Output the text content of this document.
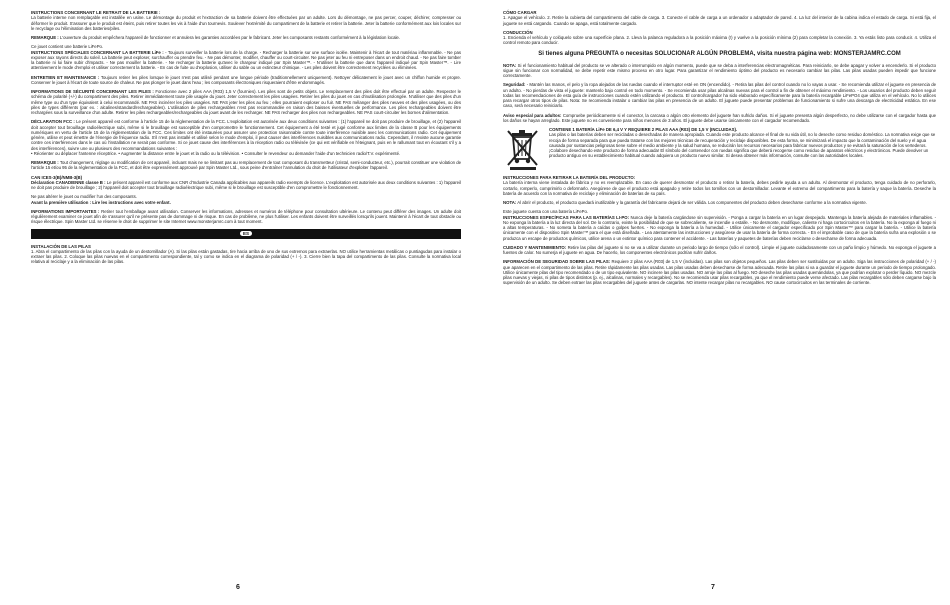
INSTRUCTIONS CONCERNANT LE RETRAIT DE LA BATTERIE :
La batterie interne non remplaçable est installée en usine. Le démontage du produit et l'extraction de sa batterie doivent être effectuées par un adulte. Lors du démontage, ne pas percer, couper, déchirer, compresser ou déformer le produit. S'assurer que le produit est éteint, puis retirer toutes les vis à l'aide d'un tournevis. Soulever l'extrémité du compartiment de la batterie et retirer la batterie. Jeter la batterie conformément aux lois locales sur le recyclage ou l'élimination des batteries/piles.

REMARQUE : L'ouverture du produit empêchera l'appareil de fonctionner et annulera les garanties accordées par le fabricant. Jeter les composants restants conformément à la législation locale.

Ce jouet contient une batterie LiFePo.
INSTRUCTIONS SPÉCIALES CONCERNANT LA BATTERIE LiFe : - Toujours surveiller la batterie lors de la charge. - Recharger la batterie sur une surface isolée. Maintenir à l'écart de tout matériau inflammable. - Ne pas exposer aux rayons directs du soleil. La batterie peut exploser, surchauffer ou prendre feu. - Ne pas démonter, modifier, chauffer ou court-circuiter. Ne pas jeter au feu ni entreposer dans un endroit chaud. - Ne pas faire tomber la batterie ni lui faire subir d'impacts. - Ne pas mouiller la batterie. - Ne recharger la batterie qu'avec le chargeur indiqué par Spin Master™. - N'utiliser la batterie que dans l'appareil indiqué par Spin Master™. - Lire attentivement le mode d'emploi et utiliser correctement la batterie. - En cas de fuite ou d'explosion, utiliser du sable ou un extincteur chimique. - Les piles doivent être correctement recyclées ou éliminées.

ENTRETIEN ET MAINTENANCE : Toujours retirer les piles lorsque le jouet n'est pas utilisé pendant une longue période (traditionnellement uniquement). Nettoyer délicatement le jouet avec un chiffon humide et propre. Conserver le jouet à l'écart de toute source de chaleur. Ne pas plonger le jouet dans l'eau ; les composants électroniques risqueraient d'être endommagés.

INFORMATIONS DE SÉCURITÉ CONCERNANT LES PILES : Fonctionne avec 2 piles AAA (R03) 1,5 V (fournies). Les piles sont de petits objets. Le remplacement des piles doit être effectué par un adulte. Respecter le schéma de polarité (+/-) du compartiment des piles. Retirer immédiatement toute pile usagée du jouet. Jeter correctement les piles usagées. Retirer les piles du jouet en cas d'inutilisation prolongée. N'utiliser que des piles d'un même type ou d'un type équivalent à celui recommandé. NE PAS incinérer les piles usagées. NE PAS jeter les piles au feu ; elles pourraient exploser ou fuir. NE PAS mélanger des piles neuves et des piles usagées, ou des piles de types différents (par ex. : alcalines/standard/rechargeables). L'utilisation de piles rechargeables n'est pas recommandée en raison des baisses éventuelles de performance. Les piles rechargeables doivent être rechargées sous la surveillance d'un adulte. Retirer les piles rechargeables/rechargeables du jouet avant de les recharger. NE PAS recharger des piles non rechargeables. NE PAS court-circuiter les bornes d'alimentation.

DÉCLARATION FCC : Le présent appareil est conforme à l'article 15 de la réglementation de la FCC. L'exploitation est autorisée aux deux conditions suivantes : (1) l'appareil ne doit pas produire de brouillage, et (2) l'appareil doit accepter tout brouillage radioélectrique subi, même si le brouillage est susceptible d'en compromettre le fonctionnement. Cet équipement a été testé et jugé conforme aux limites de la classe B pour les équipements numériques en vertu de l'article 15 de la réglementation de la FCC. Ces limites ont été instaurées pour assurer une protection raisonnable contre toute interférence nuisible avec les communications radio. Cet équipement génère, utilise et peut émettre de l'énergie de fréquence radio. S'il n'est pas installé et utilisé selon le mode d'emploi, il peut causer des interférences nuisibles aux communications radio. Cependant, il n'existe aucune garantie contre ces interférences dans le cas où l'installation ne serait pas conforme. Si ce jouet cause des interférences à la réception radio ou télévisée (ce qui est vérifiable en l'éteignant, puis en le rallumant tout en écoutant s'il y a des interférences), suivre une ou plusieurs des recommandations suivantes :
• Réorienter ou déplacer l'antenne réceptrice. • Augmenter la distance entre le jouet et la radio ou la télévision. • Consulter le revendeur ou demander l'aide d'un technicien radio/T.V. expérimenté.

REMARQUE : Tout changement, réglage ou modification de cet appareil, incluant mais ne se limitant pas au remplacement de tout composant du transmetteur (cristal, semi-conducteur, etc.), pourrait constituer une violation de l'article 15 et/ou 95 de la réglementation de la FCC, et doit être expressément approuvé par Spin Master Ltd., sous peine d'entraîner l'annulation du droit de l'utilisateur d'exploiter l'appareil.

CAN ICES-3(B)/NMB-3(B)
Déclaration CANADIENNE classe B : Le présent appareil est conforme aux CNR d'Industrie Canada applicables aux appareils radio exempts de licence. L'exploitation est autorisée aux deux conditions suivantes : 1) l'appareil ne doit pas produire de brouillage ; 2) l'appareil doit accepter tout brouillage radioélectrique subi, même si le brouillage est susceptible d'en compromettre le fonctionnement.

Ne pas altérer le jouet ou modifier l'un des composants.
Avant la première utilisation : Lire les instructions avec votre enfant.

INFORMATIONS IMPORTANTES : Retirer tout l'emballage avant utilisation. Conserver les informations, adresses et numéros de téléphone pour consultation ultérieure. Le contenu peut différer des images. Un adulte doit régulièrement examiner ce jouet afin de s'assurer qu'il ne présente pas de dommage ni de risque. En cas de problème, ne plus l'utiliser. Les enfants doivent être surveillés lorsqu'ils jouent. Maintenir à l'écart de tout obstacle ou risque électrique. Spin Master Ltd. se réserve le droit de supprimer le site Internet www.monsterjamrc.com à tout moment.

ES

INSTALACIÓN DE LAS PILAS
1. Abra el compartimento de las pilas con la ayuda de un destornillador (A). Si las pilas están gastadas, tire hacia arriba de uno de sus extremos para extraerlas. NO utilice herramientas metálicas o puntiagudas para instalar o extraer las pilas. 2. Coloque las pilas nuevas en el compartimento correspondiente, tal y como se indica en el diagrama de polaridad (+ / -). 3. Cierre bien la tapa del compartimento de las pilas. Consulte la normativa local relativa al reciclaje y a la eliminación de las pilas.

CÓMO CARGAR
1. Apague el vehículo. 2. Retire la cubierta del compartimento del cable de carga. 3. Conecte el cable de carga a un ordenador o adaptador de pared. 4. La luz del interior de la cabina indica el estado de carga. Si está fija, el juguete se está cargando. Cuando se apaga, está totalmente cargado.

CONDUCCIÓN
1. Encienda el vehículo y colóquelo sobre una superficie plana. 2. Lleva la palanca reguladora a la posición máxima (!) y vuelve a la posición mínima (2) para completar la conexión. 3. Ya estás listo para conducir. 4. Utiliza el control remoto para conducir.

Si tienes alguna PREGUNTA o necesitas SOLUCIONAR ALGÚN PROBLEMA, visita nuestra página web: MONSTERJAMRC.COM

NOTA: Si el funcionamiento habitual del producto se ve alterado o interrumpido en algún momento, puede que se deba a interferencias electromagnéticas. Para reiniciarlo, se debe apagar y volver a encenderlo. Si el producto sigue sin funcionar con normalidad, se debe repetir este mismo proceso en otro lugar. Para garantizar el rendimiento óptimo del producto es necesario cambiar las pilas. Las pilas usadas pueden impedir que funcione correctamente.

Seguridad: - Mantén las manos, el pelo y la ropa alejados de las ruedas cuando el interruptor esté en ON (encendido). - Retira las pilas del control cuando no lo vayas a usar. - Se recomienda utilizar el juguete en presencia de un adulto. - No pierdas de vista el juguete: mantenlo bajo control en todo momento. - Se recomienda usar pilas alcalinas nuevas para el control a fin de obtener el máximo rendimiento. - Los usuarios del producto deben seguir todas las recomendaciones de esta guía de instrucciones cuando estén utilizando el producto. El control/cargador ha sido elaborado específicamente para la batería recargable LiFePO4 que utiliza en el vehículo. No lo utilices para recargar otros tipos de pilas. Nota: Se recomienda instalar o cambiar las pilas en presencia de un adulto. El juguete puede presentar problemas de funcionamiento si sufre una descarga de electricidad estática. En ese caso, será necesario reiniciarlo.

Aviso especial para adultos: Compruebe periódicamente si el conector, la carcasa o algún otro elemento del juguete han sufrido daños. Si el juguete presenta algún desperfecto, no debe utilizarse con el cargador hasta que los daños se hayan arreglado. Este juguete no es conveniente para niños menores de 3 años. El juguete debe usarse únicamente con el cargador recomendado.

CONTIENE 1 BATERÍA LiFe DE 6,4 V Y REQUIERE 2 PILAS AAA (R03) DE 1,5 V (INCLUIDAS).
Las pilas o las baterías deben ser recicladas o desechadas de manera apropiada. Cuando este producto alcance el final de su vida útil, no lo deseche como residuo doméstico. La normativa exige que se recoja de forma separada para que pueda tratarse con las mejores técnicas de recuperación y reciclaje disponibles. De esta forma, se minimizará el impacto que la contaminación del suelo y el agua causada por sustancias peligrosas tiene sobre el medio ambiente y la salud humana, se reducirán los recursos necesarios para fabricar nuevos productos y se evitará la saturación de los vertederos. ¡Colabore desechando este producto de forma adecuada! El símbolo del contenedor con ruedas significa que deberá recogerse como residuo de aparatos eléctricos y electrónicos. Puede devolver un producto antiguo en su establecimiento habitual cuando adquiera un producto nuevo similar. Si desea obtener más información, consulte con las autoridades locales.

INSTRUCCIONES PARA RETIRAR LA BATERÍA DEL PRODUCTO:
La batería interna viene instalada de fábrica y no es reemplazable. En caso de querer desmontar el producto o retirar la batería, debes pedirle ayuda a un adulto. Al desmontar el producto, tenga cuidado de no perforarlo, cortarlo, romperlo, comprimirlo o deformarlo. Asegúrese de que el producto está apagado y retire todos los tornillos con un destornillador. Levante el extremo del compartimento para la batería y saque la batería. Deseche la batería de acuerdo con la normativa de reciclaje y eliminación de baterías de su país.

NOTA: Al abrir el producto, el producto quedará inutilizable y la garantía del fabricante dejará de ser válida. Los componentes del producto deben desecharse conforme a la normativa vigente.

Este juguete cuenta con una batería LiFePo.
INSTRUCCIONES ESPECÍFICAS PARA LAS BATERÍAS LI-PO: Nunca deje la batería cargándose sin supervisión. - Ponga a cargar la batería en un lugar despejado. Mantenga la batería alejada de materiales inflamables. - No exponga la batería a la luz directa del sol. De lo contrario, existe la posibilidad de que se sobrecaliente, se incendie o estalle. - No desmonte, modifique, caliente ni haga cortocircuitos en la batería. No la exponga al fuego ni a altas temperaturas. - No someta la batería a caídas o golpes fuertes. - No exponga la batería a la humedad. - Utilice únicamente el cargador especificado por Spin Master™ para cargar la batería. - Utilice la batería únicamente con el dispositivo Spin Master™ para el que está diseñada. - Lea atentamente las instrucciones y asegúrese de usar la batería de forma correcta. - En el improbable caso de que la batería sufra una explosión o se produzca un escape de productos químicos, utilice arena o un extintor químico para contener el accidente. - Las baterías y paquetes de baterías deben reciclarse o desecharse de forma adecuada.

CUIDADO Y MANTENIMIENTO: Retire las pilas del juguete si no se va a utilizar durante un periodo largo de tiempo (sólo el control). Limpie el juguete cuidadosamente con un paño limpio y húmedo. No exponga el juguete a fuentes de calor. No sumerja el juguete en agua. De hacerlo, los componentes electrónicos podrían sufrir daños.

INFORMACIÓN DE SEGURIDAD SOBRE LAS PILAS: Requiere 2 pilas AAA (R03) de 1,5 V (incluidas). Las pilas son objetos pequeños. Las pilas deben ser sustituidas por un adulto. Siga las instrucciones de polaridad (+ / -) que aparecen en el compartimento de las pilas. Retire rápidamente las pilas usadas. Las pilas usadas deben desecharse de forma adecuada. Retire las pilas si va a guardar el juguete durante un periodo de tiempo prolongado. Utilice únicamente pilas del tipo recomendado o de un tipo equivalente. NO incinere las pilas usadas. NO arroje las pilas al fuego. NO deseche las pilas usadas quemándolas, ya que podrían explotar o perder líquido. NO mezcle pilas nuevas y viejas, ni pilas de tipos distintos (p. ej., alcalinas, normales y recargables). No se recomienda usar pilas recargables, ya que el rendimiento puede verse afectado. Las pilas recargables sólo deben cargarse bajo la supervisión de un adulto. Se deben extraer las pilas recargables del juguete antes de cargarlas. NO intente recargar pilas no recargables. NO cause cortocircuitos en las terminales de corriente.

6	7
